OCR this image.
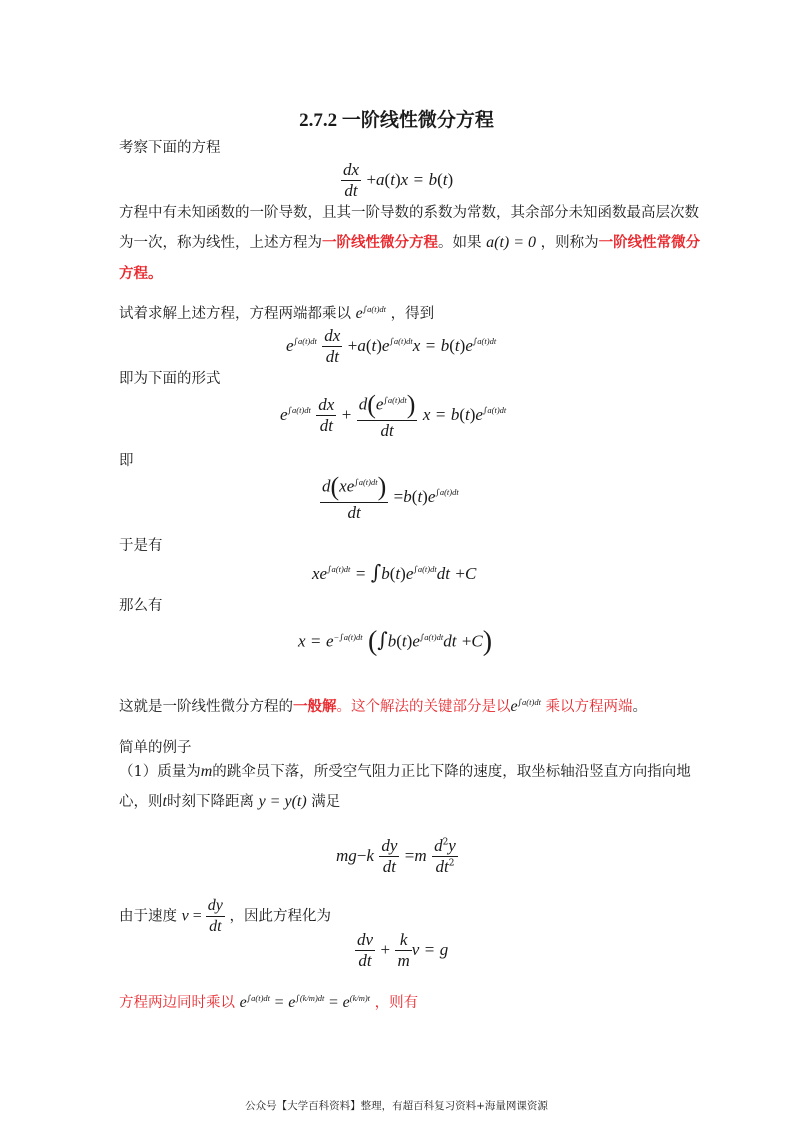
2.7.2 一阶线性微分方程
考察下面的方程
$\frac{dx}{dt} +a(t)x = b(t)$
方程中有未知函数的一阶导数，且其一阶导数的系数为常数，其余部分未知函数最高层次数
为一次，称为线性，上述方程为一阶线性微分方程。如果 a(t) = 0 ，则称为一阶线性常微分
方程。
试着求解上述方程，方程两端都乘以 $e^{\int a(t)dt}$ ，得到
$e^{\int a(t)dt} \frac{dx}{dt} +a(t)e^{\int a(t)dt}x = b(t)e^{\int a(t)dt}$
即为下面的形式
$e^{\int a(t)dt} \frac{dx}{dt} + \frac{d(e^{\int a(t)dt})}{dt}$ $x = b(t)e^{\int a(t)dt}$
即
$\frac{d(xe^{\int a(t)dt})}{dt} =b(t)e^{\int a(t)dt}$
于是有
$xe^{\int a(t)dt} = \int b(t)e^{\int a(t)dt}dt +C$
那么有
$x = e^{-\int a(t)dt}$ $(\int b(t)e^{\int a(t)dt}dt +C)$
这就是一阶线性微分方程的一般解。这个解法的关键部分是以$e^{\int a(t)dt}$ 乘以方程两端。
简单的例子
（1）质量为m的跳伞员下落，所受空气阻力正比下降的速度，取坐标轴沿竖直方向指向地
心，则t时刻下降距离 y = y(t) 满足
$mg-k \frac{dy}{dt} =m \frac{d^2y}{dt^2}$
由于速度 $v = \frac{dy}{dt}$ ，因此方程化为
$\frac{dv}{dt} + \frac{k}{m}$ v = g
方程两边同时乘以 $e^{\int a(t)dt} = e^{\int(k/m)dt} = e^{(k/m)t}$ ，则有
公众号【大学百科资料】整理，有超百科复习资料+海量网课资源
